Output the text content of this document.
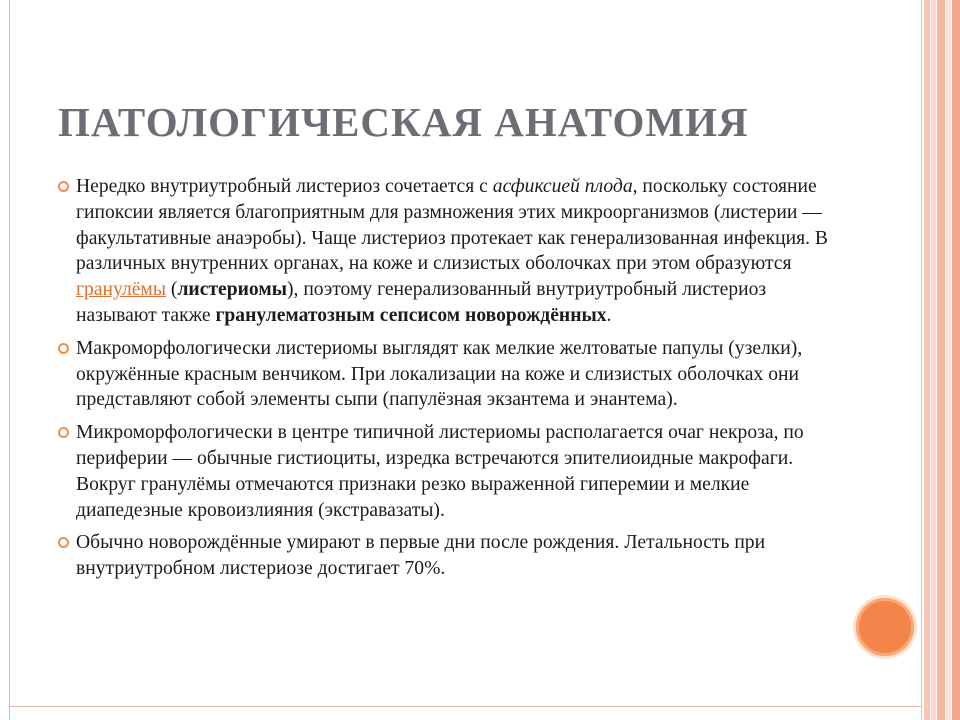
ПАТОЛОГИЧЕСКАЯ АНАТОМИЯ
Нередко внутриутробный листериоз сочетается с асфиксией плода, поскольку состояние гипоксии является благоприятным для размножения этих микроорганизмов (листерии — факультативные анаэробы). Чаще листериоз протекает как генерализованная инфекция. В различных внутренних органах, на коже и слизистых оболочках при этом образуются гранулёмы (листериомы), поэтому генерализованный внутриутробный листериоз называют также гранулематозным сепсисом новорождённых.
Макроморфологически листериомы выглядят как мелкие желтоватые папулы (узелки), окружённые красным венчиком. При локализации на коже и слизистых оболочках они представляют собой элементы сыпи (папулёзная экзантема и энантема).
Микроморфологически в центре типичной листериомы располагается очаг некроза, по периферии — обычные гистиоциты, изредка встречаются эпителиоидные макрофаги. Вокруг гранулёмы отмечаются признаки резко выраженной гиперемии и мелкие диапедезные кровоизлияния (экстравазаты).
Обычно новорождённые умирают в первые дни после рождения. Летальность при внутриутробном листериозе достигает 70%.
